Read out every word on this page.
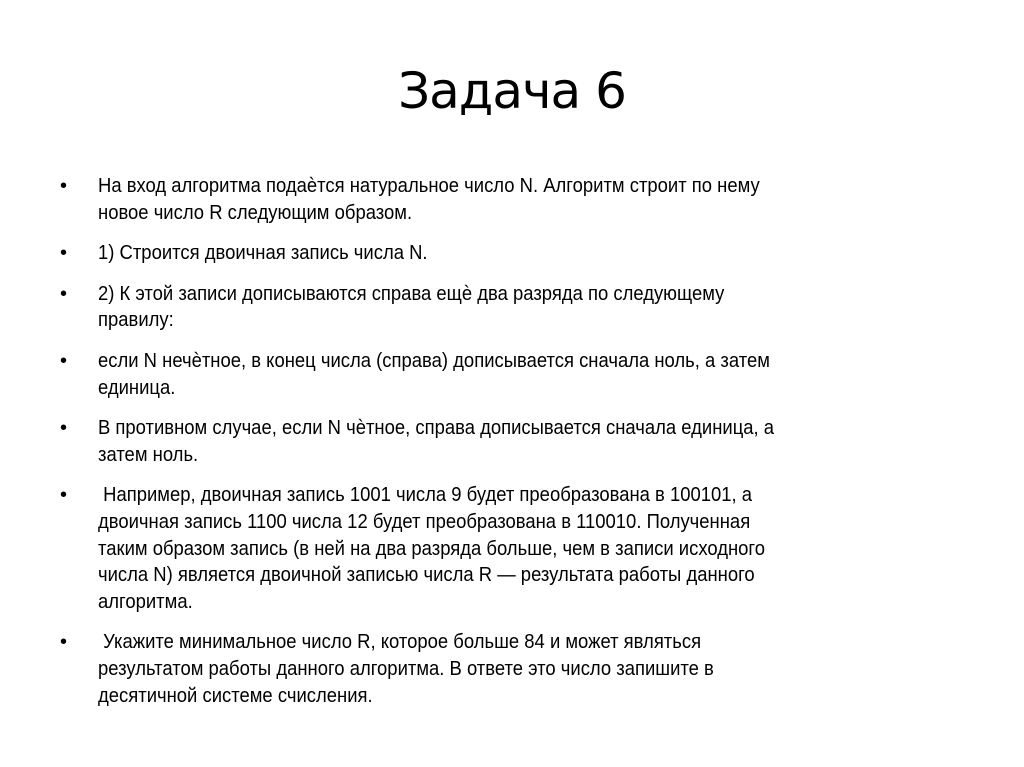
Задача 6
• На вход алгоритма подаѐтся натуральное число N. Алгоритм строит по нему
новое число R следующим образом.
• 1) Строится двоичная запись числа N.
• 2) К этой записи дописываются справа ещѐ два разряда по следующему
правилу:
• если N нечѐтное, в конец числа (справа) дописывается сначала ноль, а затем
единица.
• В противном случае, если N чѐтное, справа дописывается сначала единица, а
затем ноль.
• Например, двоичная запись 1001 числа 9 будет преобразована в 100101, а
двоичная запись 1100 числа 12 будет преобразована в 110010. Полученная
таким образом запись (в ней на два разряда больше, чем в записи исходного
числа N) является двоичной записью числа R — результата работы данного
алгоритма.
• Укажите минимальное число R, которое больше 84 и может являться
результатом работы данного алгоритма. В ответе это число запишите в
десятичной системе счисления.
